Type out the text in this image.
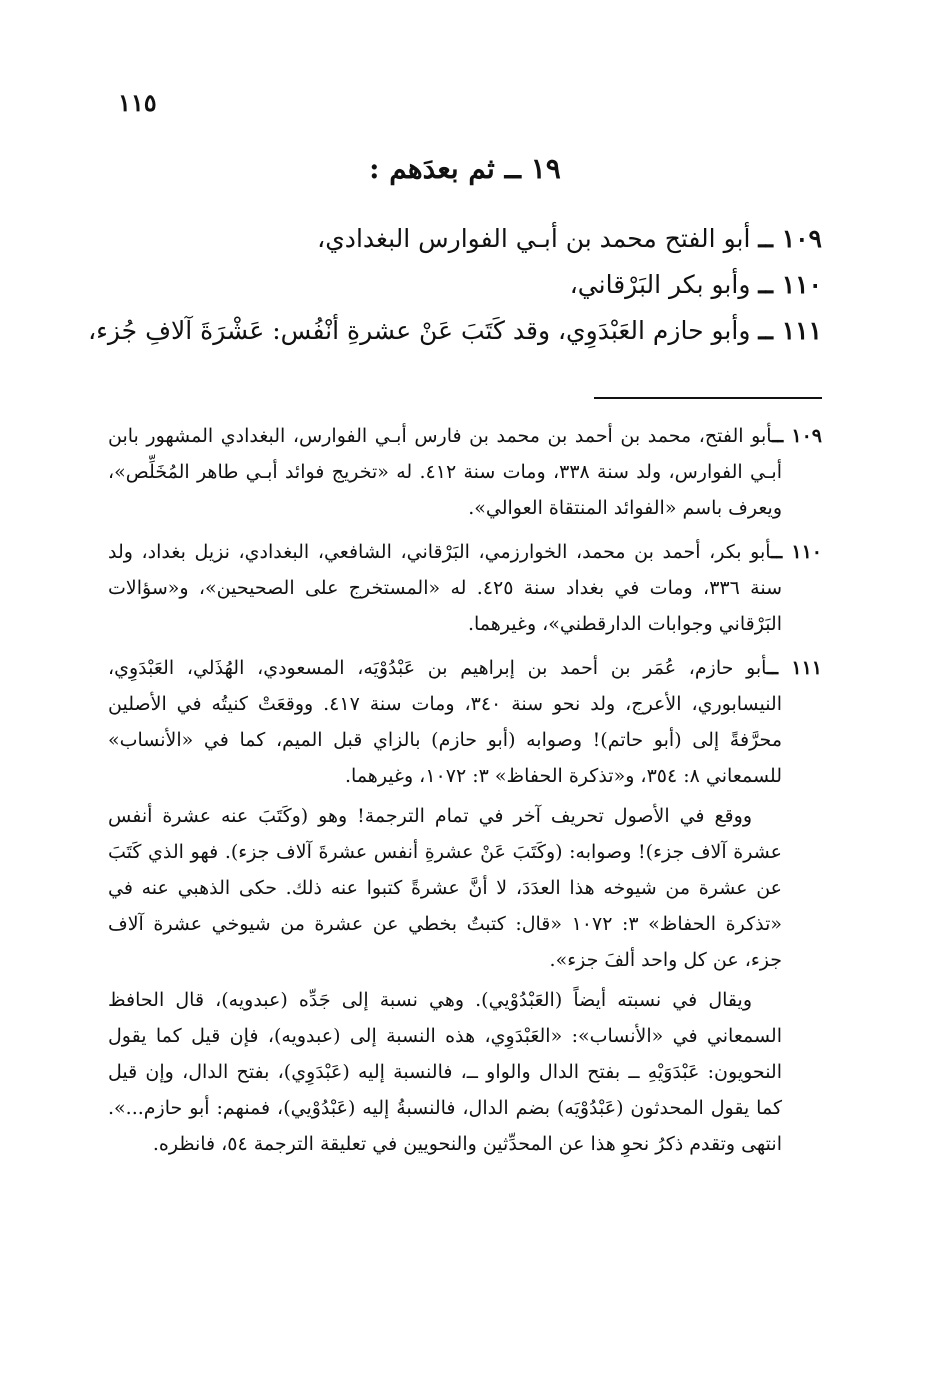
١١٥
١٩ ــ ثم بعدَهم :
١٠٩ ــ أبو الفتح محمد بن أبـي الفوارس البغدادي،
١١٠ ــ وأبو بكر البَرْقاني،
١١١ ــ وأبو حازم العَبْدَوِي، وقد كَتَبَ عَنْ عشرةِ أنْفُس: عَشْرَةَ آلافِ جُزء،

١٠٩ ــأبو الفتح، محمد بن أحمد بن محمد بن فارس أبـي الفوارس، البغدادي المشهور بابن أبـي الفوارس، ولد سنة ٣٣٨، ومات سنة ٤١٢. له «تخريج فوائد أبـي طاهر المُخَلِّص»، ويعرف باسم «الفوائد المنتقاة العوالي».

١١٠ ــأبو بكر، أحمد بن محمد، الخوارزمي، البَرْقاني، الشافعي، البغدادي، نزيل بغداد، ولد سنة ٣٣٦، ومات في بغداد سنة ٤٢٥. له «المستخرج على الصحيحين»، و«سؤالات البَرْقاني وجوابات الدارقطني»، وغيرهما.

١١١ ــأبو حازم، عُمَر بن أحمد بن إبراهيم بن عَبْدُوْيَه، المسعودي، الهُذَلي، العَبْدَوِي، النيسابوري، الأعرج، ولد نحو سنة ٣٤٠، ومات سنة ٤١٧. ووقعَتْ كنيتُه في الأصلين محرَّفةً إلى (أبو حاتم)! وصوابه (أبو حازم) بالزاي قبل الميم، كما في «الأنساب» للسمعاني ٨: ٣٥٤، و«تذكرة الحفاظ» ٣: ١٠٧٢، وغيرهما.

ووقع في الأصول تحريف آخر في تمام الترجمة! وهو (وكَتَبَ عنه عشرة أنفس عشرة آلاف جزء)! وصوابه: (وكَتَبَ عَنْ عشرةِ أنفس عشرةَ آلاف جزء). فهو الذي كَتَبَ عن عشرة من شيوخه هذا العدَدَ، لا أنَّ عشرةً كتبوا عنه ذلك. حكى الذهبي عنه في «تذكرة الحفاظ» ٣: ١٠٧٢ «قال: كتبتُ بخطي عن عشرة من شيوخي عشرة آلاف جزء، عن كل واحد ألفَ جزء».

ويقال في نسبته أيضاً (العَبْدُوْيي). وهي نسبة إلى جَدِّه (عبدويه)، قال الحافظ السمعاني في «الأنساب»: «العَبْدَوِي، هذه النسبة إلى (عبدويه)، فإن قيل كما يقول النحويون: عَبْدَوَيْهِ ــ بفتح الدال والواو ــ، فالنسبة إليه (عَبْدَوِي)، بفتح الدال، وإن قيل كما يقول المحدثون (عَبْدُوْيَه) بضم الدال، فالنسبةُ إليه (عَبْدُوْيي)، فمنهم: أبو حازم...». انتهى وتقدم ذكرُ نحوِ هذا عن المحدِّثين والنحويين في تعليقة الترجمة ٥٤، فانظره.
